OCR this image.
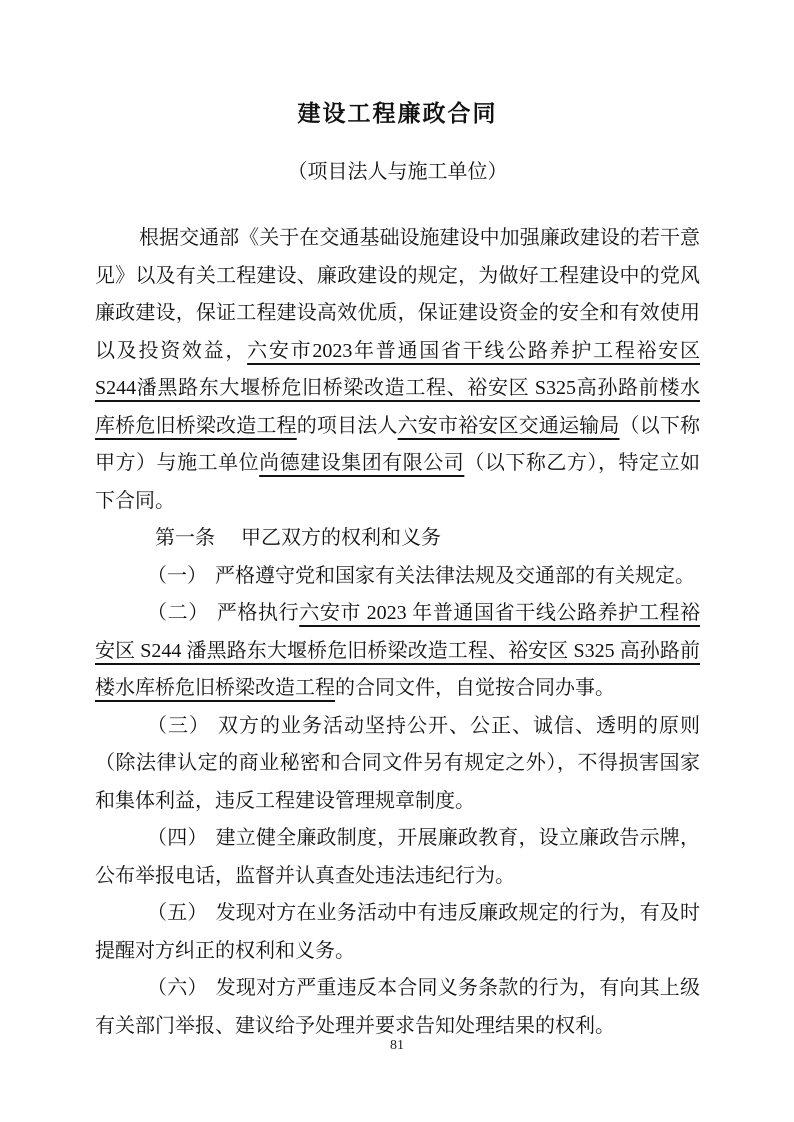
建设工程廉政合同
（项目法人与施工单位）

根据交通部《关于在交通基础设施建设中加强廉政建设的若干意见》以及有关工程建设、廉政建设的规定，为做好工程建设中的党风廉政建设，保证工程建设高效优质，保证建设资金的安全和有效使用以及投资效益，六安市2023年普通国省干线公路养护工程裕安区 S244潘黑路东大堰桥危旧桥梁改造工程、裕安区 S325高孙路前楼水库桥危旧桥梁改造工程的项目法人六安市裕安区交通运输局（以下称甲方）与施工单位尚德建设集团有限公司（以下称乙方），特定立如下合同。

第一条 甲乙双方的权利和义务

（一） 严格遵守党和国家有关法律法规及交通部的有关规定。

（二） 严格执行六安市 2023 年普通国省干线公路养护工程裕安区 S244 潘黑路东大堰桥危旧桥梁改造工程、裕安区 S325 高孙路前楼水库桥危旧桥梁改造工程的合同文件，自觉按合同办事。

（三） 双方的业务活动坚持公开、公正、诚信、透明的原则（除法律认定的商业秘密和合同文件另有规定之外），不得损害国家和集体利益，违反工程建设管理规章制度。

（四） 建立健全廉政制度，开展廉政教育，设立廉政告示牌，公布举报电话，监督并认真查处违法违纪行为。

（五） 发现对方在业务活动中有违反廉政规定的行为，有及时提醒对方纠正的权利和义务。

（六） 发现对方严重违反本合同义务条款的行为，有向其上级有关部门举报、建议给予处理并要求告知处理结果的权利。

81
